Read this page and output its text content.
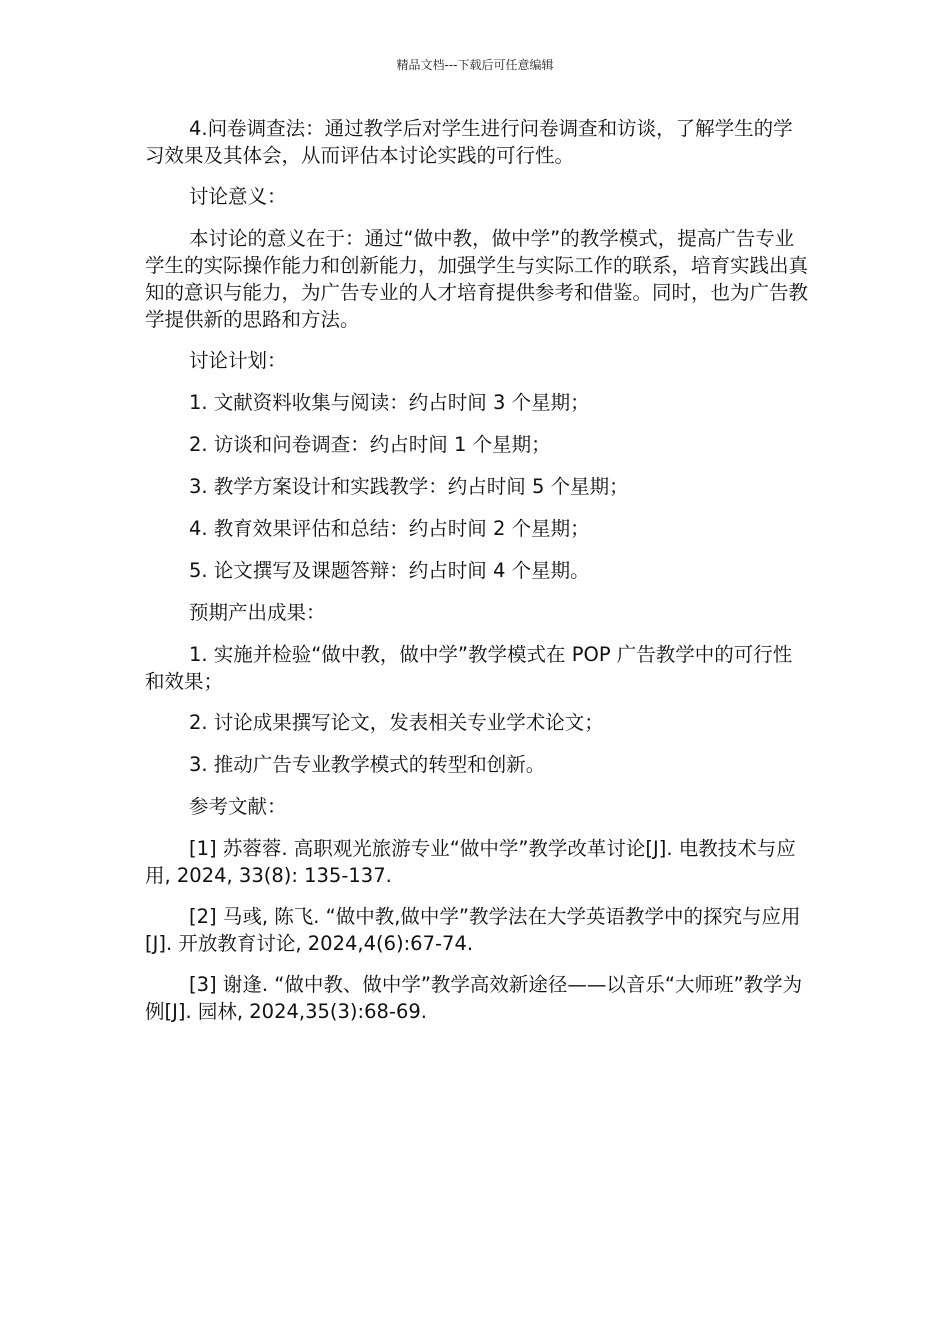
精品文档---下载后可任意编辑

4.问卷调查法：通过教学后对学生进行问卷调查和访谈，了解学生的学习效果及其体会，从而评估本讨论实践的可行性。

讨论意义：

本讨论的意义在于：通过“做中教，做中学”的教学模式，提高广告专业学生的实际操作能力和创新能力，加强学生与实际工作的联系，培育实践出真知的意识与能力，为广告专业的人才培育提供参考和借鉴。同时，也为广告教学提供新的思路和方法。

讨论计划：

1. 文献资料收集与阅读：约占时间 3 个星期；

2. 访谈和问卷调查：约占时间 1 个星期；

3. 教学方案设计和实践教学：约占时间 5 个星期；

4. 教育效果评估和总结：约占时间 2 个星期；

5. 论文撰写及课题答辩：约占时间 4 个星期。

预期产出成果：

1. 实施并检验“做中教，做中学”教学模式在 POP 广告教学中的可行性和效果；

2. 讨论成果撰写论文，发表相关专业学术论文；

3. 推动广告专业教学模式的转型和创新。

参考文献：

[1] 苏蓉蓉. 高职观光旅游专业“做中学”教学改革讨论[J]. 电教技术与应用, 2024, 33(8): 135-137.

[2] 马彧, 陈飞. “做中教,做中学”教学法在大学英语教学中的探究与应用[J]. 开放教育讨论, 2024,4(6):67-74.

[3] 谢逢. “做中教、做中学”教学高效新途径——以音乐“大师班”教学为例[J]. 园林, 2024,35(3):68-69.
